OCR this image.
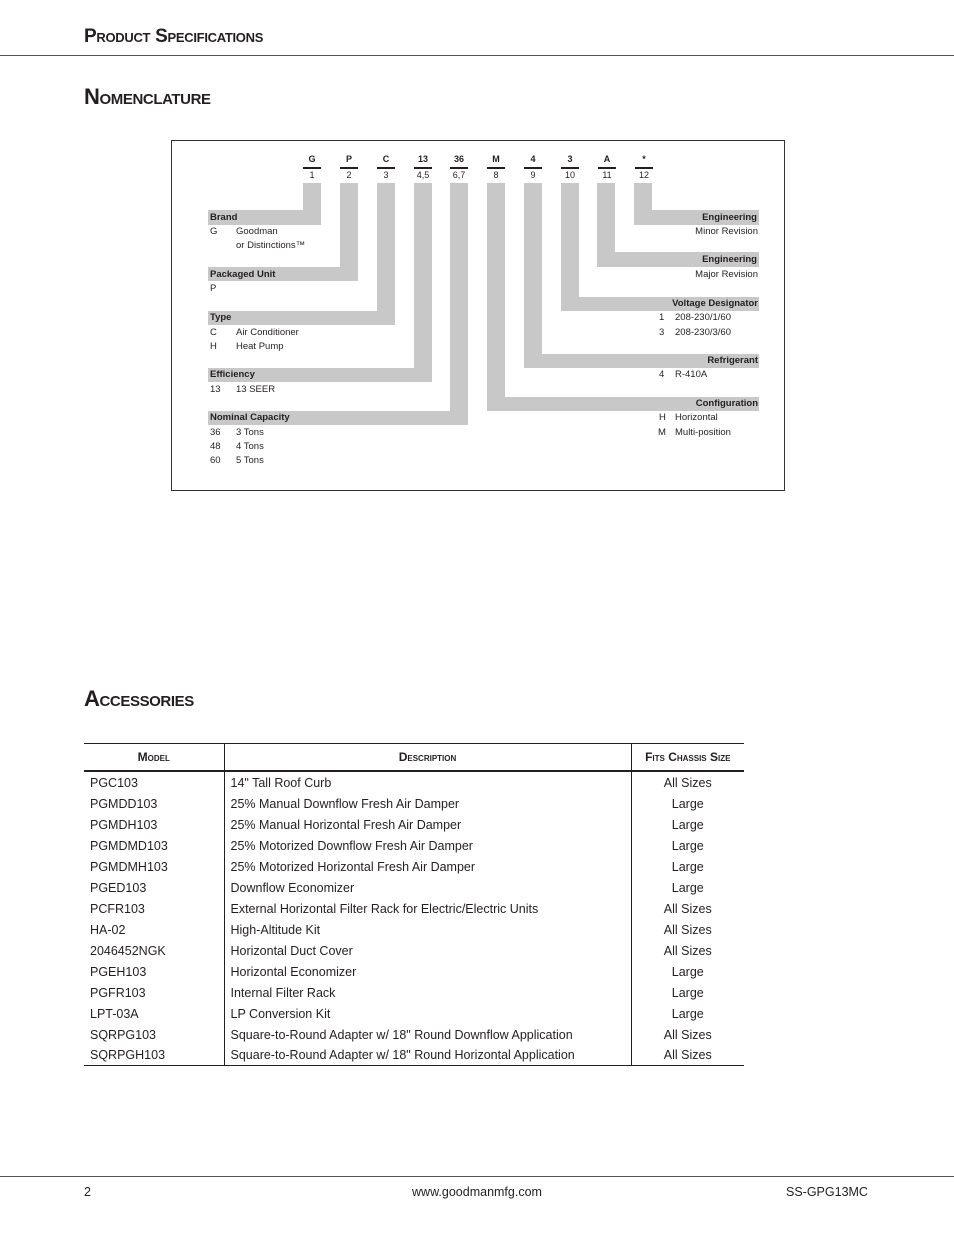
Product Specifications
Nomenclature
G	P	C	13	36	M	4	3	A	*
1	2	3	4,5	6,7	8	9	10	11	12
Brand
G Goodman
or Distinctions™
Packaged Unit
P
Type
C Air Conditioner
H Heat Pump
Efficiency
13 13 SEER
Nominal Capacity
36 3 Tons
48 4 Tons
60 5 Tons
Engineering
Minor Revision
Engineering
Major Revision
Voltage Designator
1 208-230/1/60
3 208-230/3/60
Refrigerant
4 R-410A
Configuration
H Horizontal
M Multi-position
Accessories
Model	Description	Fits Chassis Size
PGC103	14" Tall Roof Curb	All Sizes
PGMDD103	25% Manual Downflow Fresh Air Damper	Large
PGMDH103	25% Manual Horizontal Fresh Air Damper	Large
PGMDMD103	25% Motorized Downflow Fresh Air Damper	Large
PGMDMH103	25% Motorized Horizontal Fresh Air Damper	Large
PGED103	Downflow Economizer	Large
PCFR103	External Horizontal Filter Rack for Electric/Electric Units	All Sizes
HA-02	High-Altitude Kit	All Sizes
2046452NGK	Horizontal Duct Cover	All Sizes
PGEH103	Horizontal Economizer	Large
PGFR103	Internal Filter Rack	Large
LPT-03A	LP Conversion Kit	Large
SQRPG103	Square-to-Round Adapter w/ 18" Round Downflow Application	All Sizes
SQRPGH103	Square-to-Round Adapter w/ 18" Round Horizontal Application	All Sizes
2	www.goodmanmfg.com	SS-GPG13MC
